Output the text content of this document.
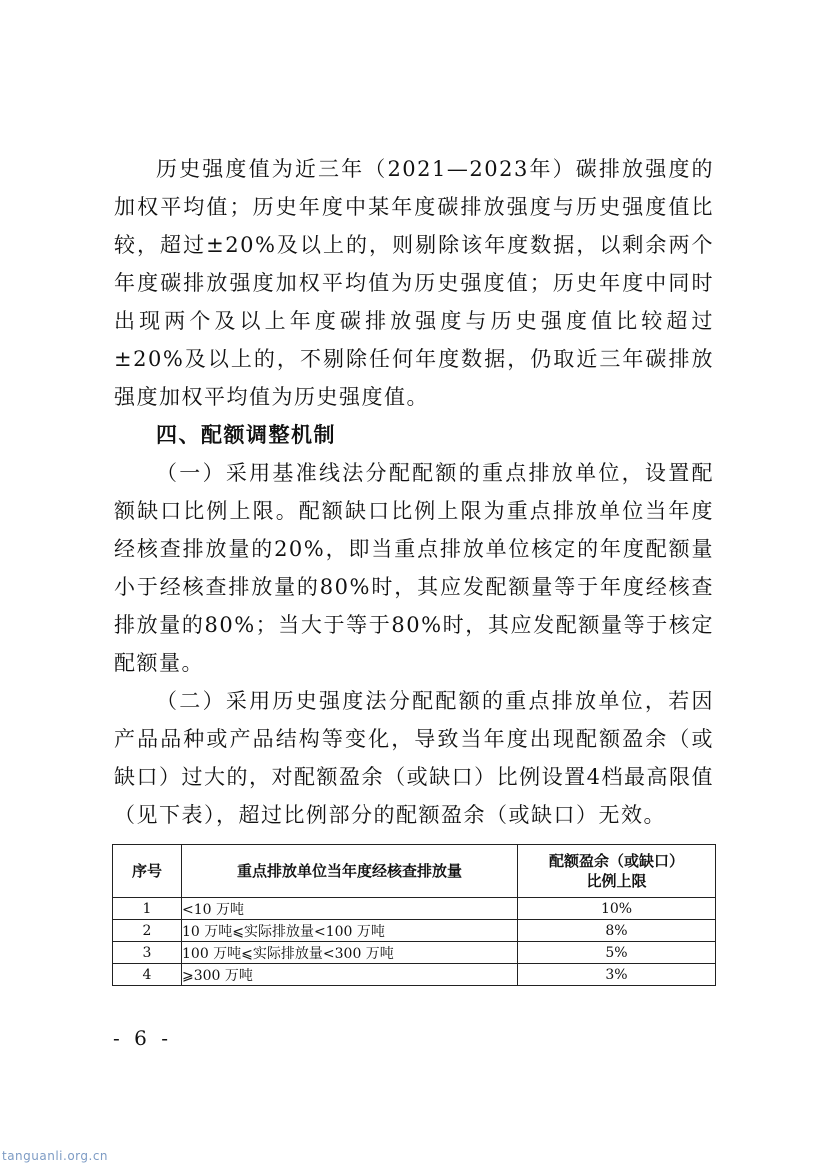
历史强度值为近三年（2021—2023年）碳排放强度的加权平均值；历史年度中某年度碳排放强度与历史强度值比较，超过±20%及以上的，则剔除该年度数据，以剩余两个年度碳排放强度加权平均值为历史强度值；历史年度中同时出现两个及以上年度碳排放强度与历史强度值比较超过±20%及以上的，不剔除任何年度数据，仍取近三年碳排放强度加权平均值为历史强度值。

四、配额调整机制

（一）采用基准线法分配配额的重点排放单位，设置配额缺口比例上限。配额缺口比例上限为重点排放单位当年度经核查排放量的20%，即当重点排放单位核定的年度配额量小于经核查排放量的80%时，其应发配额量等于年度经核查排放量的80%；当大于等于80%时，其应发配额量等于核定配额量。

（二）采用历史强度法分配配额的重点排放单位，若因产品品种或产品结构等变化，导致当年度出现配额盈余（或缺口）过大的，对配额盈余（或缺口）比例设置4档最高限值（见下表），超过比例部分的配额盈余（或缺口）无效。

序号	重点排放单位当年度经核查排放量	配额盈余（或缺口）
比例上限

1	<10 万吨	10%
2	10 万吨⩽实际排放量<100 万吨	8%
3	100 万吨⩽实际排放量<300 万吨	5%
4	⩾300 万吨	3%
- 6 -
tanguanli.org.cn
